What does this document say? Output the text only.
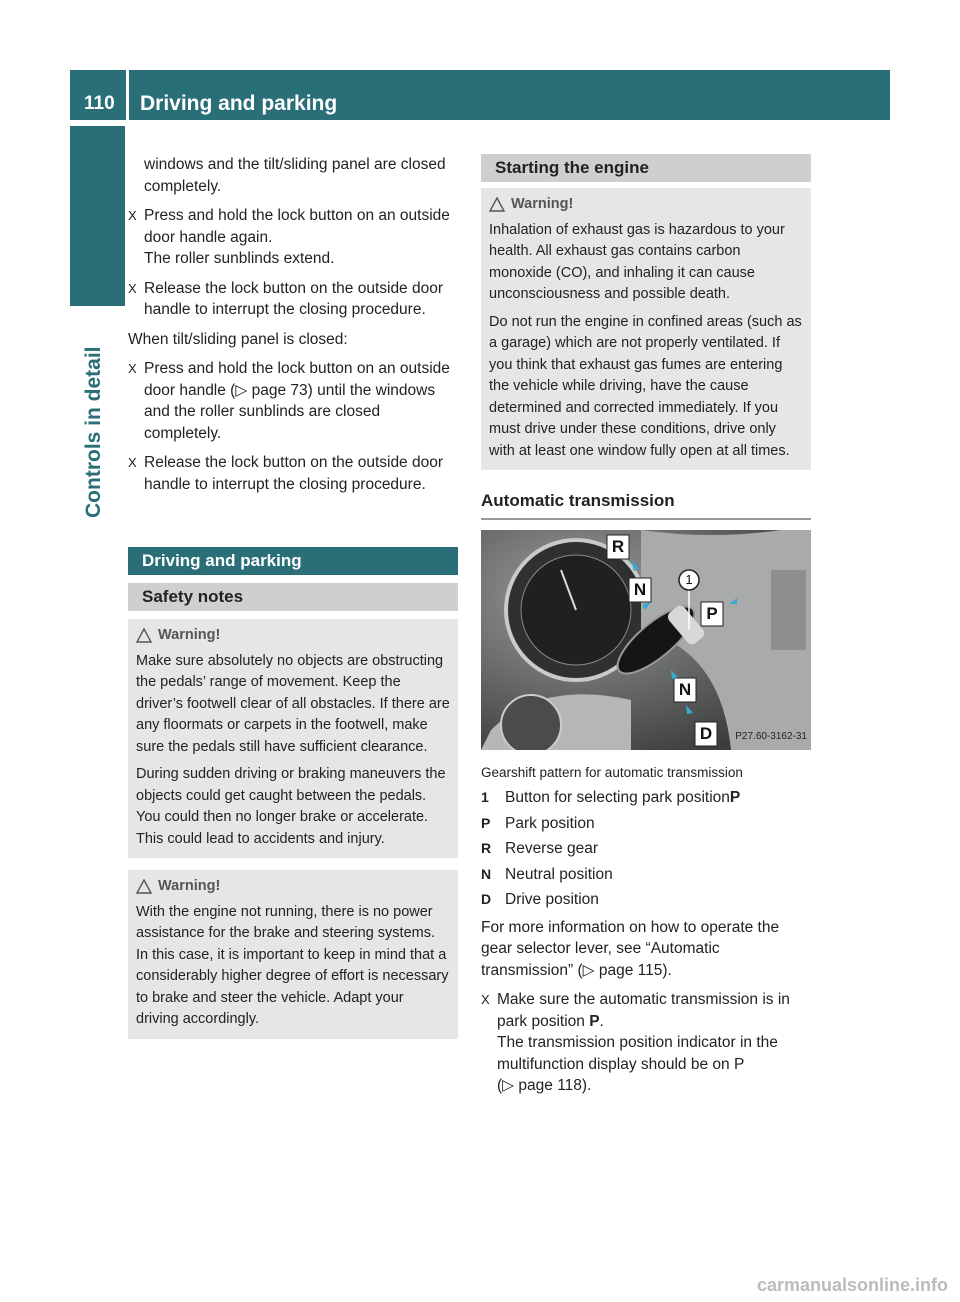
110	Driving and parking
Controls in detail

windows and the tilt/sliding panel are closed completely.

X Press and hold the lock button on an outside door handle again.
The roller sunblinds extend.
X Release the lock button on the outside door handle to interrupt the closing procedure.

When tilt/sliding panel is closed:

X Press and hold the lock button on an outside door handle (▷ page 73) until the windows and the roller sunblinds are closed completely.
X Release the lock button on the outside door handle to interrupt the closing procedure.
Driving and parking
Safety notes
Warning!

Make sure absolutely no objects are obstructing the pedals’ range of movement. Keep the driver’s footwell clear of all obstacles. If there are any floormats or carpets in the footwell, make sure the pedals still have sufficient clearance.

During sudden driving or braking maneuvers the objects could get caught between the pedals. You could then no longer brake or accelerate. This could lead to accidents and injury.

Warning!

With the engine not running, there is no power assistance for the brake and steering systems. In this case, it is important to keep in mind that a considerably higher degree of effort is necessary to brake and steer the vehicle. Adapt your driving accordingly.

Starting the engine
Warning!

Inhalation of exhaust gas is hazardous to your health. All exhaust gas contains carbon monoxide (CO), and inhaling it can cause unconsciousness and possible death.

Do not run the engine in confined areas (such as a garage) which are not properly ventilated. If you think that exhaust gas fumes are entering the vehicle while driving, have the cause determined and corrected immediately. If you must drive under these conditions, drive only with at least one window fully open at all times.

Automatic transmission
R
N
P
N
D
1
P27.60-3162-31
Gearshift pattern for automatic transmission
1	Button for selecting park position P
P Park position
R Reverse gear
N Neutral position
D Drive position

For more information on how to operate the gear selector lever, see “Automatic transmission” (▷ page 115).

X Make sure the automatic transmission is in park position P.
The transmission position indicator in the multifunction display should be on P
(▷ page 118).
carmanualsonline.info
